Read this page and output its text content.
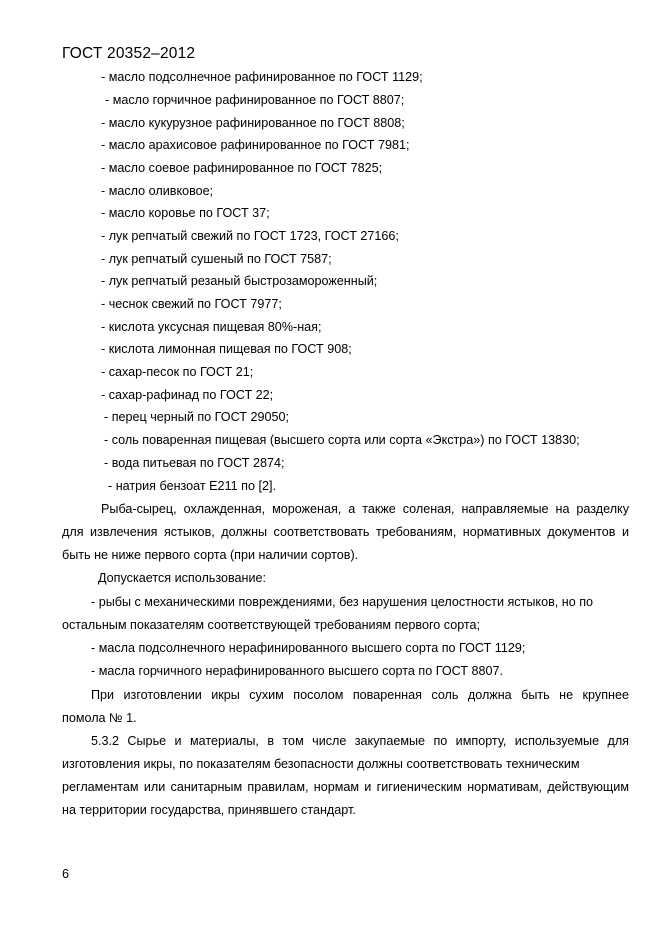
ГОСТ 20352–2012
- масло подсолнечное рафинированное по ГОСТ 1129;
- масло горчичное рафинированное по ГОСТ 8807;
- масло кукурузное рафинированное по ГОСТ 8808;
- масло арахисовое рафинированное по ГОСТ 7981;
- масло соевое рафинированное по ГОСТ 7825;
- масло оливковое;
- масло коровье по ГОСТ 37;
- лук репчатый свежий по ГОСТ 1723, ГОСТ 27166;
- лук репчатый сушеный по ГОСТ 7587;
- лук репчатый резаный быстрозамороженный;
- чеснок свежий по ГОСТ 7977;
- кислота уксусная пищевая 80%-ная;
- кислота лимонная пищевая по ГОСТ 908;
- сахар-песок по ГОСТ 21;
- сахар-рафинад по ГОСТ 22;
- перец черный по ГОСТ 29050;
- соль поваренная пищевая (высшего сорта или сорта «Экстра») по ГОСТ 13830;
- вода питьевая по ГОСТ 2874;
- натрия бензоат Е211 по [2].
Рыба-сырец, охлажденная, мороженая, а также соленая, направляемые на разделку
для извлечения ястыков, должны соответствовать требованиям, нормативных документов и
быть не ниже первого сорта (при наличии сортов).
Допускается использование:
- рыбы с механическими повреждениями, без нарушения целостности ястыков, но по
остальным показателям соответствующей требованиям первого сорта;
- масла подсолнечного нерафинированного высшего сорта по ГОСТ 1129;
- масла горчичного нерафинированного высшего сорта по ГОСТ 8807.
При изготовлении икры сухим посолом поваренная соль должна быть не крупнее
помола № 1.
5.3.2 Сырье и материалы, в том числе закупаемые по импорту, используемые для
изготовления икры, по показателям безопасности должны соответствовать техническим
регламентам или санитарным правилам, нормам и гигиеническим нормативам, действующим
на территории государства, принявшего стандарт.
6
